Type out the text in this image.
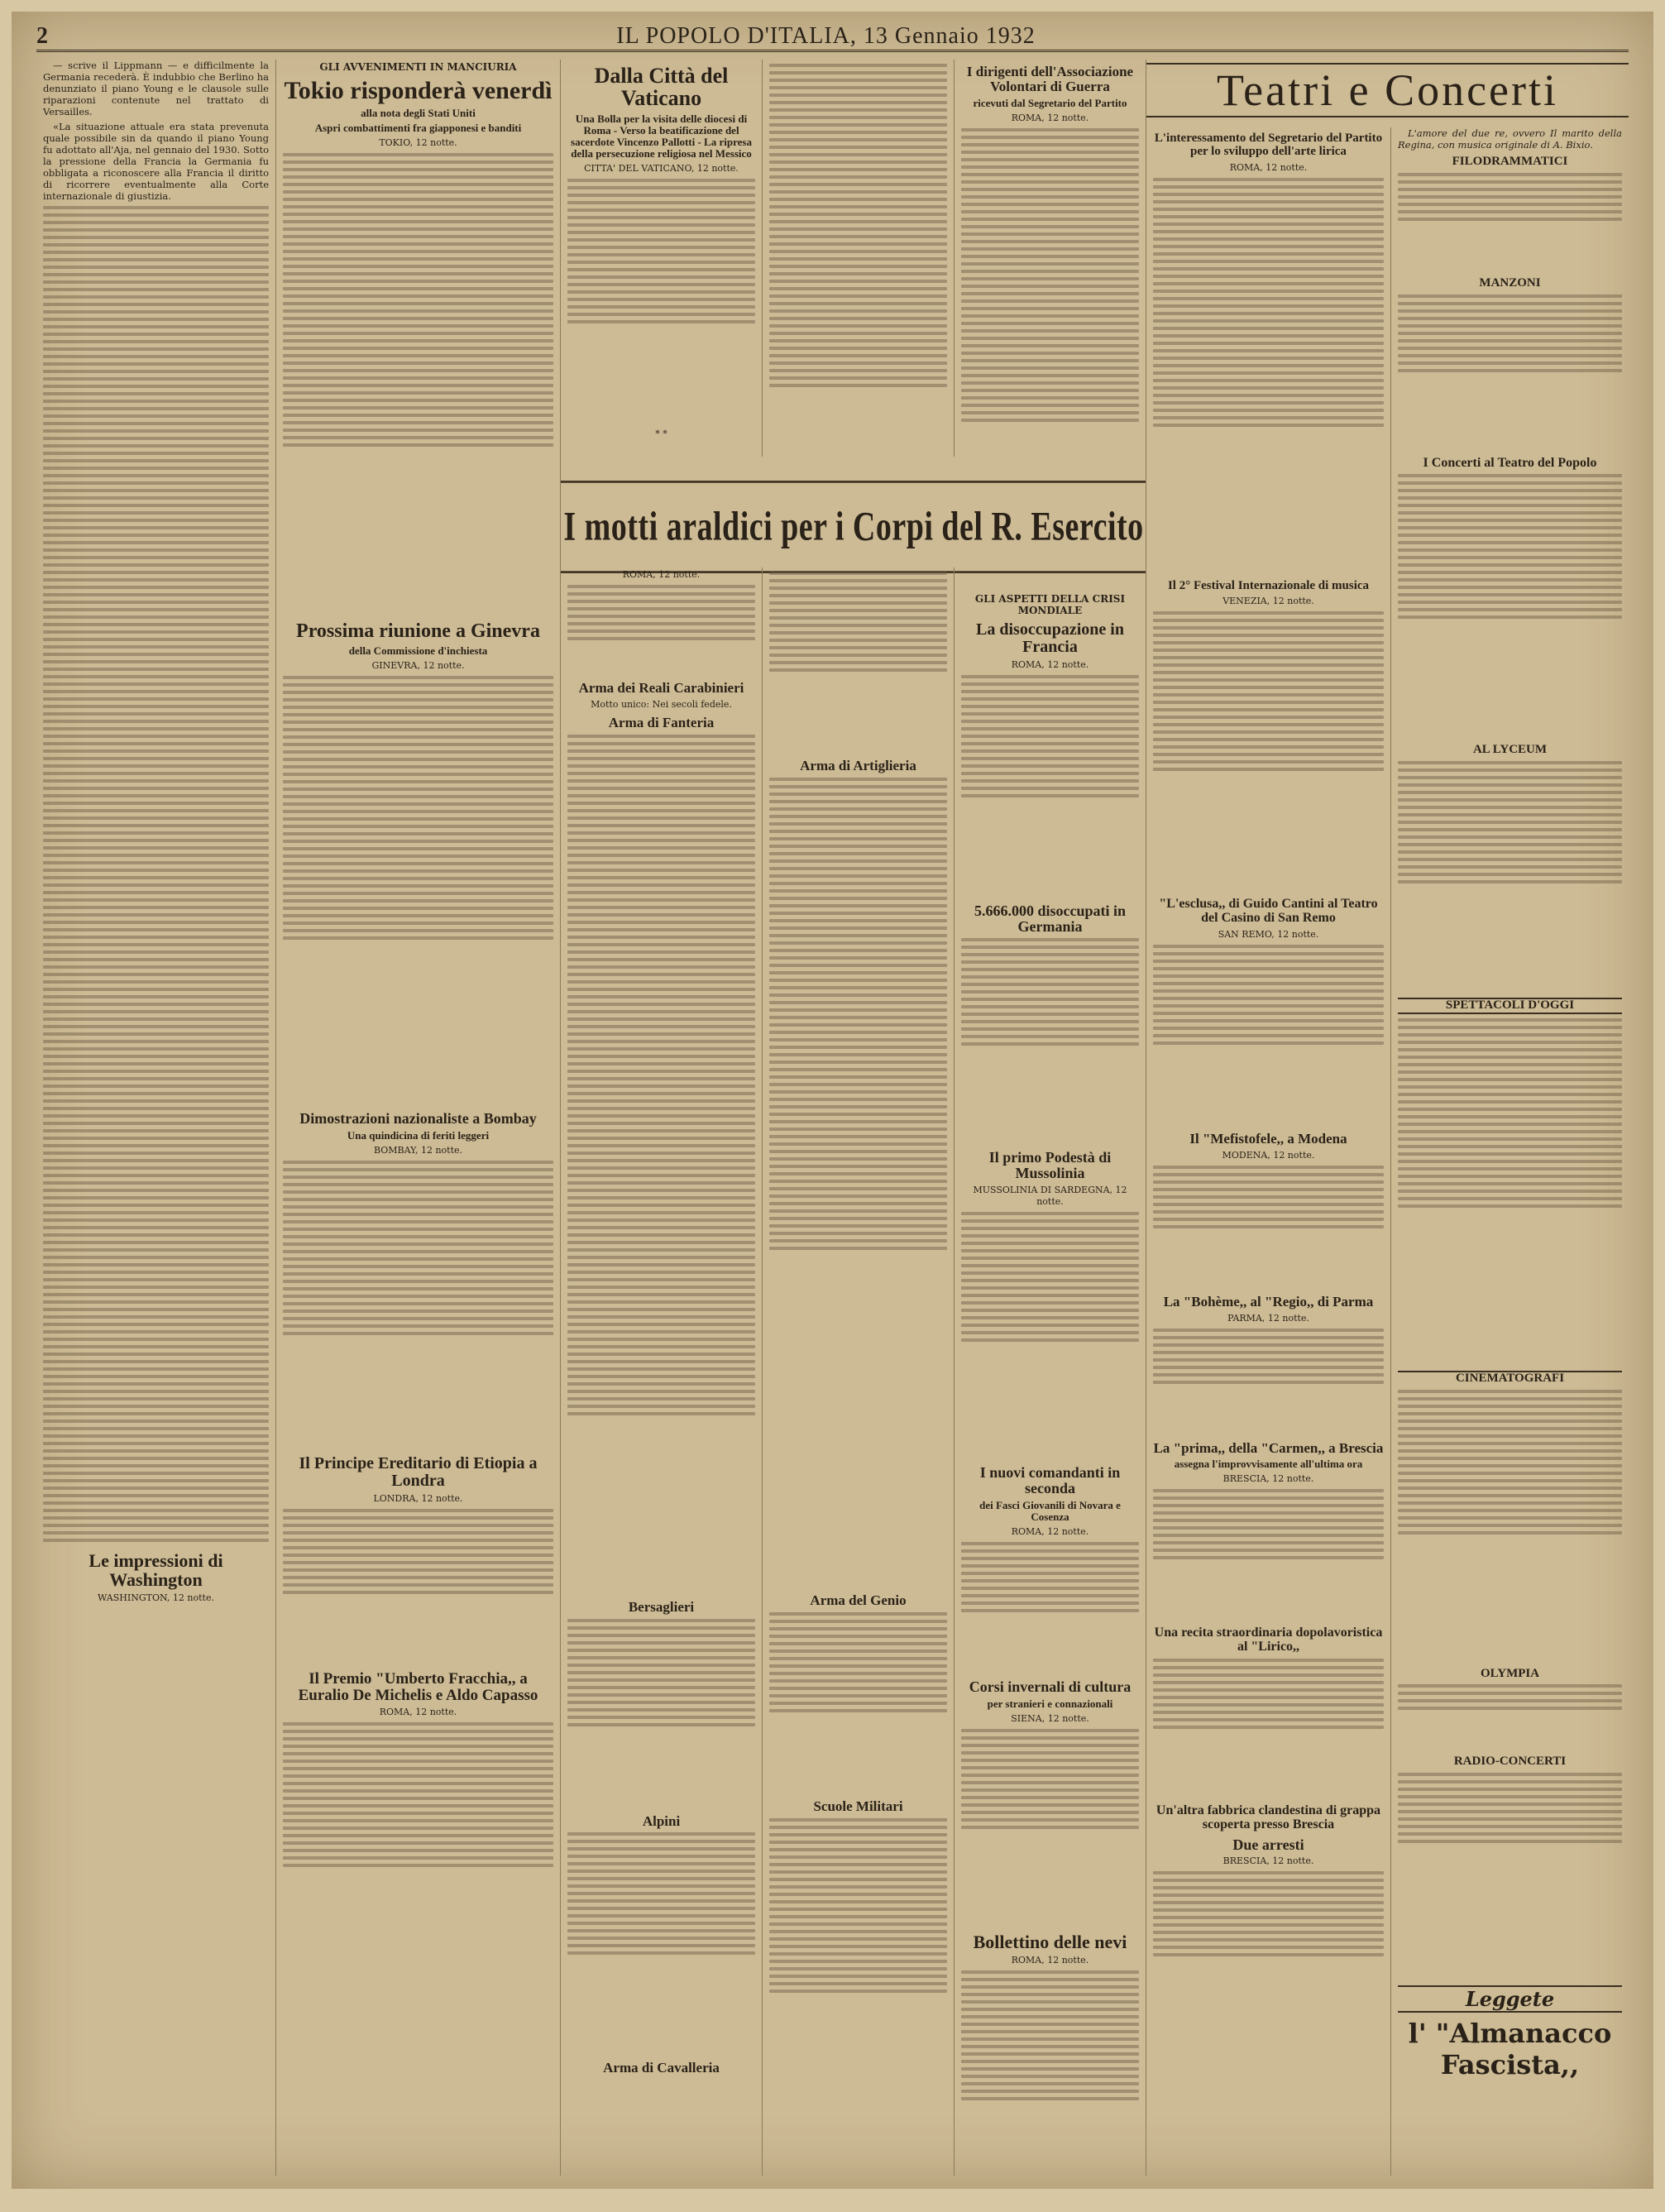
2	IL POPOLO D'ITALIA, 13 Gennaio 1932

— scrive il Lippmann — e difficilmente la Germania recederà. È indubbio che Berlino ha denunziato il piano Young e le clausole sulle riparazioni contenute nel trattato di Versailles.

«La situazione attuale era stata prevenuta quale possibile sin da quando il piano Young fu adottato all'Aja, nel gennaio del 1930. Sotto la pressione della Francia la Germania fu obbligata a riconoscere alla Francia il diritto di ricorrere eventualmente alla Corte internazionale di giustizia.

Le impressioni di Washington
WASHINGTON, 12 notte.
GLI AVVENIMENTI IN MANCIURIA
Tokio risponderà venerdì
alla nota degli Stati Uniti
Aspri combattimenti fra giapponesi e banditi
TOKIO, 12 notte.
Prossima riunione a Ginevra
della Commissione d'inchiesta
GINEVRA, 12 notte.
Dimostrazioni nazionaliste a Bombay
Una quindicina di feriti leggeri
BOMBAY, 12 notte.
Il Principe Ereditario di Etiopia a Londra
LONDRA, 12 notte.
Il Premio "Umberto Fracchia,, a Euralio De Michelis e Aldo Capasso
ROMA, 12 notte.
Dalla Città del Vaticano
Una Bolla per la visita delle diocesi di Roma - Verso la beatificazione del sacerdote Vincenzo Pallotti - La ripresa della persecuzione religiosa nel Messico
CITTA' DEL VATICANO, 12 notte.
* *
I motti araldici per i Corpi del R. Esercito
ROMA, 12 notte.
Arma dei Reali Carabinieri
Motto unico: Nei secoli fedele.
Arma di Fanteria
Bersaglieri
Alpini
Arma di Cavalleria
Arma di Artiglieria
Arma del Genio
Scuole Militari
I dirigenti dell'Associazione Volontari di Guerra
ricevuti dal Segretario del Partito
ROMA, 12 notte.
GLI ASPETTI DELLA CRISI MONDIALE
La disoccupazione in Francia
ROMA, 12 notte.
5.666.000 disoccupati in Germania
Il primo Podestà di Mussolinia
MUSSOLINIA DI SARDEGNA, 12 notte.
I nuovi comandanti in seconda
dei Fasci Giovanili di Novara e Cosenza
ROMA, 12 notte.
Corsi invernali di cultura
per stranieri e connazionali
SIENA, 12 notte.
Bollettino delle nevi
ROMA, 12 notte.
Teatri e Concerti
L'interessamento del Segretario del Partito per lo sviluppo dell'arte lirica
ROMA, 12 notte.
Il 2° Festival Internazionale di musica
VENEZIA, 12 notte.
"L'esclusa,, di Guido Cantini al Teatro del Casino di San Remo
SAN REMO, 12 notte.
Il "Mefistofele,, a Modena
MODENA, 12 notte.
La "Bohème,, al "Regio,, di Parma
PARMA, 12 notte.
La "prima,, della "Carmen,, a Brescia
assegna l'improvvisamente all'ultima ora
BRESCIA, 12 notte.
Una recita straordinaria dopolavoristica al "Lirico,,
Un'altra fabbrica clandestina di grappa scoperta presso Brescia
Due arresti
BRESCIA, 12 notte.

L'amore del due re, ovvero Il marito della Regina, con musica originale di A. Bixio.

FILODRAMMATICI
MANZONI
I Concerti al Teatro del Popolo
AL LYCEUM
SPETTACOLI D'OGGI
CINEMATOGRAFI
OLYMPIA
RADIO-CONCERTI
Leggete
l' "Almanacco Fascista,,
